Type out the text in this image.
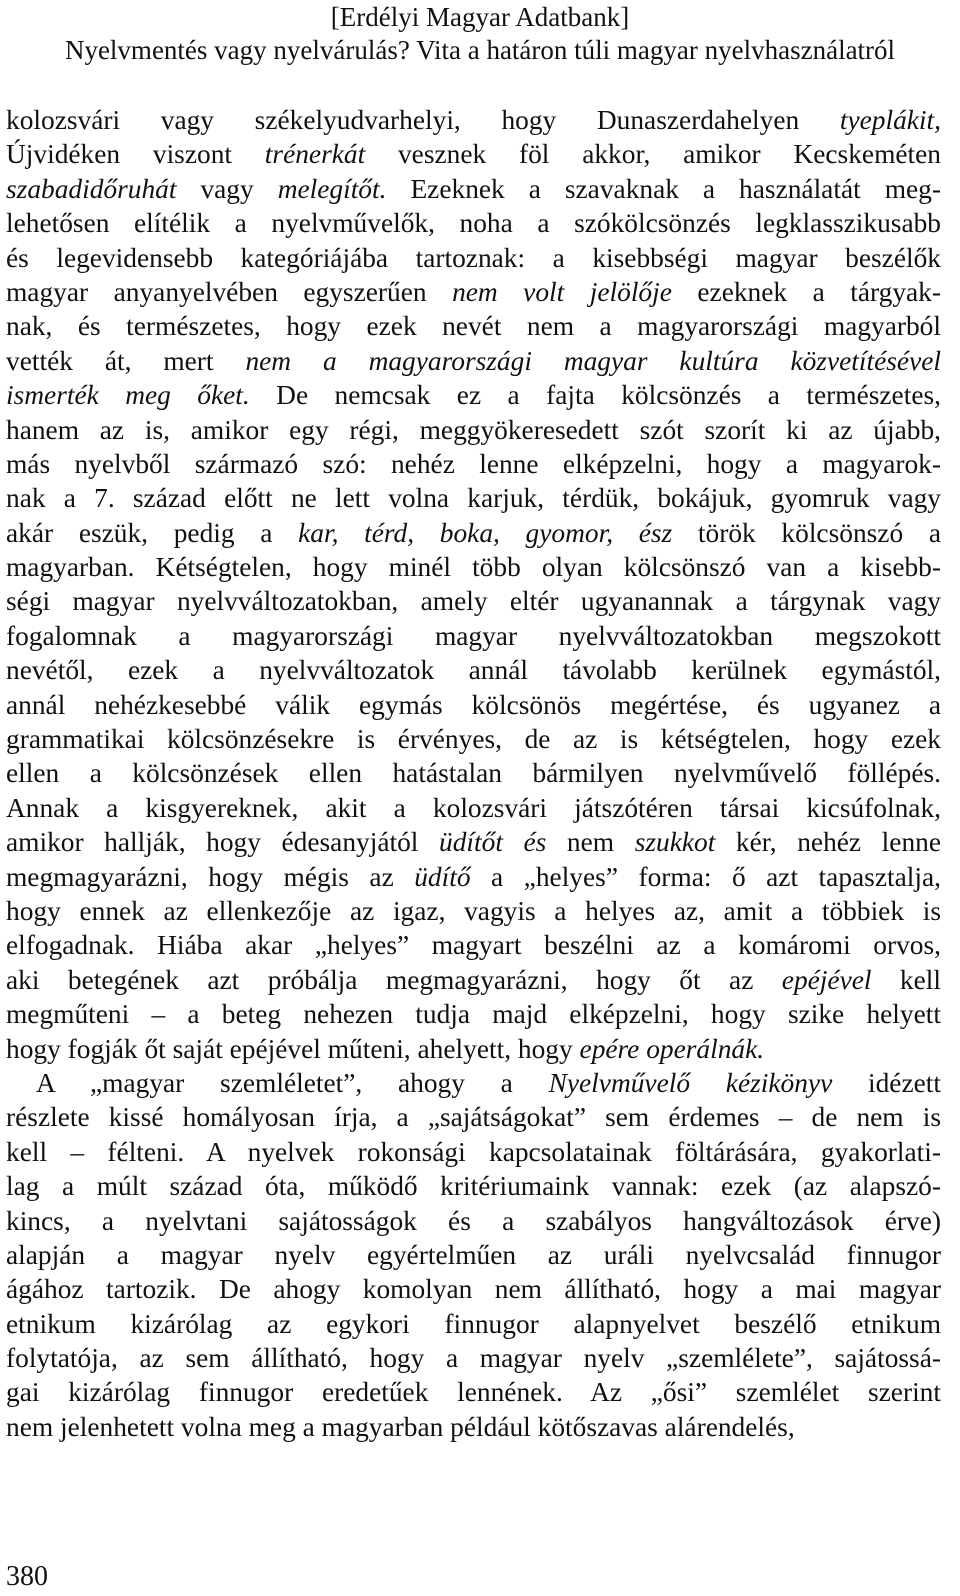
[Erdélyi Magyar Adatbank]
Nyelvmentés vagy nyelvárulás? Vita a határon túli magyar nyelvhasználatról
kolozsvári vagy székelyudvarhelyi, hogy Dunaszerdahelyen tyeplákit,
Újvidéken viszont trénerkát vesznek föl akkor, amikor Kecskeméten
szabadidőruhát vagy melegítőt. Ezeknek a szavaknak a használatát meg-
lehetősen elítélik a nyelvművelők, noha a szókölcsönzés legklasszikusabb
és legevidensebb kategóriájába tartoznak: a kisebbségi magyar beszélők
magyar anyanyelvében egyszerűen nem volt jelölője ezeknek a tárgyak-
nak, és természetes, hogy ezek nevét nem a magyarországi magyarból
vették át, mert nem a magyarországi magyar kultúra közvetítésével
ismerték meg őket. De nemcsak ez a fajta kölcsönzés a természetes,
hanem az is, amikor egy régi, meggyökeresedett szót szorít ki az újabb,
más nyelvből származó szó: nehéz lenne elképzelni, hogy a magyarok-
nak a 7. század előtt ne lett volna karjuk, térdük, bokájuk, gyomruk vagy
akár eszük, pedig a kar, térd, boka, gyomor, ész török kölcsönszó a
magyarban. Kétségtelen, hogy minél több olyan kölcsönszó van a kisebb-
ségi magyar nyelvváltozatokban, amely eltér ugyanannak a tárgynak vagy
fogalomnak a magyarországi magyar nyelvváltozatokban megszokott
nevétől, ezek a nyelvváltozatok annál távolabb kerülnek egymástól,
annál nehézkesebbé válik egymás kölcsönös megértése, és ugyanez a
grammatikai kölcsönzésekre is érvényes, de az is kétségtelen, hogy ezek
ellen a kölcsönzések ellen hatástalan bármilyen nyelvművelő föllépés.
Annak a kisgyereknek, akit a kolozsvári játszótéren társai kicsúfolnak,
amikor hallják, hogy édesanyjától üdítőt és nem szukkot kér, nehéz lenne
megmagyarázni, hogy mégis az üdítő a „helyes” forma: ő azt tapasztalja,
hogy ennek az ellenkezője az igaz, vagyis a helyes az, amit a többiek is
elfogadnak. Hiába akar „helyes” magyart beszélni az a komáromi orvos,
aki betegének azt próbálja megmagyarázni, hogy őt az epéjével kell
megműteni – a beteg nehezen tudja majd elképzelni, hogy szike helyett
hogy fogják őt saját epéjével műteni, ahelyett, hogy epére operálnák.
A „magyar szemléletet”, ahogy a Nyelvművelő kézikönyv idézett
részlete kissé homályosan írja, a „sajátságokat” sem érdemes – de nem is
kell – félteni. A nyelvek rokonsági kapcsolatainak föltárására, gyakorlati-
lag a múlt század óta, működő kritériumaink vannak: ezek (az alapszó-
kincs, a nyelvtani sajátosságok és a szabályos hangváltozások érve)
alapján a magyar nyelv egyértelműen az uráli nyelvcsalád finnugor
ágához tartozik. De ahogy komolyan nem állítható, hogy a mai magyar
etnikum kizárólag az egykori finnugor alapnyelvet beszélő etnikum
folytatója, az sem állítható, hogy a magyar nyelv „szemlélete”, sajátossá-
gai kizárólag finnugor eredetűek lennének. Az „ősi” szemlélet szerint
nem jelenhetett volna meg a magyarban például kötőszavas alárendelés,
380
